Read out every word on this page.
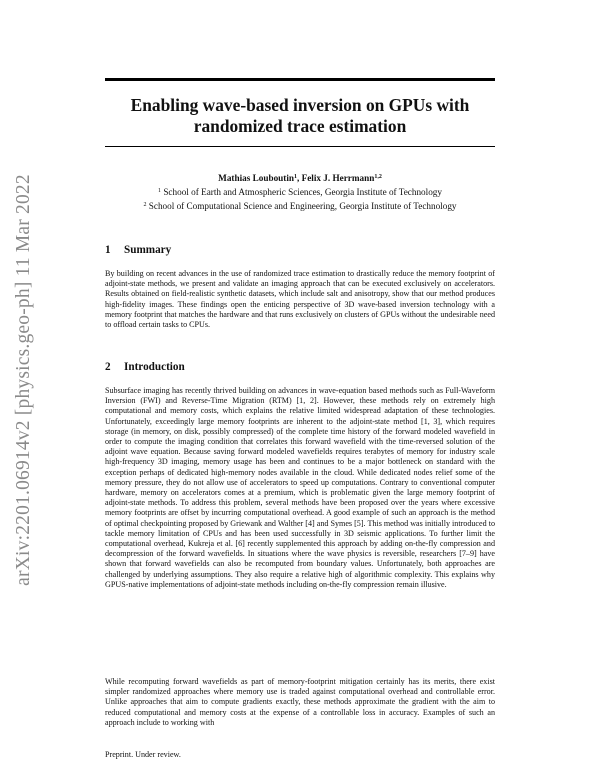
arXiv:2201.06914v2 [physics.geo-ph] 11 Mar 2022
Enabling wave-based inversion on GPUs with
randomized trace estimation
Mathias Louboutin$^1$, Felix J. Herrmann$^{1,2}$
$^1$ School of Earth and Atmospheric Sciences, Georgia Institute of Technology
$^2$ School of Computational Science and Engineering, Georgia Institute of Technology
1 Summary
By building on recent advances in the use of randomized trace estimation to drastically reduce the memory footprint of adjoint-state methods, we present and validate an imaging approach that can be executed exclusively on accelerators. Results obtained on field-realistic synthetic datasets, which include salt and anisotropy, show that our method produces high-fidelity images. These findings open the enticing perspective of 3D wave-based inversion technology with a memory footprint that matches the hardware and that runs exclusively on clusters of GPUs without the undesirable need to offload certain tasks to CPUs.
2 Introduction
Subsurface imaging has recently thrived building on advances in wave-equation based methods such as Full-Waveform Inversion (FWI) and Reverse-Time Migration (RTM) [1, 2]. However, these methods rely on extremely high computational and memory costs, which explains the relative limited widespread adaptation of these technologies. Unfortunately, exceedingly large memory footprints are inherent to the adjoint-state method [1, 3], which requires storage (in memory, on disk, possibly compressed) of the complete time history of the forward modeled wavefield in order to compute the imaging condition that correlates this forward wavefield with the time-reversed solution of the adjoint wave equation. Because saving forward modeled wavefields requires terabytes of memory for industry scale high-frequency 3D imaging, memory usage has been and continues to be a major bottleneck on standard with the exception perhaps of dedicated high-memory nodes available in the cloud. While dedicated nodes relief some of the memory pressure, they do not allow use of accelerators to speed up computations. Contrary to conventional computer hardware, memory on accelerators comes at a premium, which is problematic given the large memory footprint of adjoint-state methods. To address this problem, several methods have been proposed over the years where excessive memory footprints are offset by incurring computational overhead. A good example of such an approach is the method of optimal checkpointing proposed by Griewank and Walther [4] and Symes [5]. This method was initially introduced to tackle memory limitation of CPUs and has been used successfully in 3D seismic applications. To further limit the computational overhead, Kukreja et al. [6] recently supplemented this approach by adding on-the-fly compression and decompression of the forward wavefields. In situations where the wave physics is reversible, researchers [7–9] have shown that forward wavefields can also be recomputed from boundary values. Unfortunately, both approaches are challenged by underlying assumptions. They also require a relative high of algorithmic complexity. This explains why GPUS-native implementations of adjoint-state methods including on-the-fly compression remain illusive.
While recomputing forward wavefields as part of memory-footprint mitigation certainly has its merits, there exist simpler randomized approaches where memory use is traded against computational overhead and controllable error. Unlike approaches that aim to compute gradients exactly, these methods approximate the gradient with the aim to reduced computational and memory costs at the expense of a controllable loss in accuracy. Examples of such an approach include to working with
Preprint. Under review.
